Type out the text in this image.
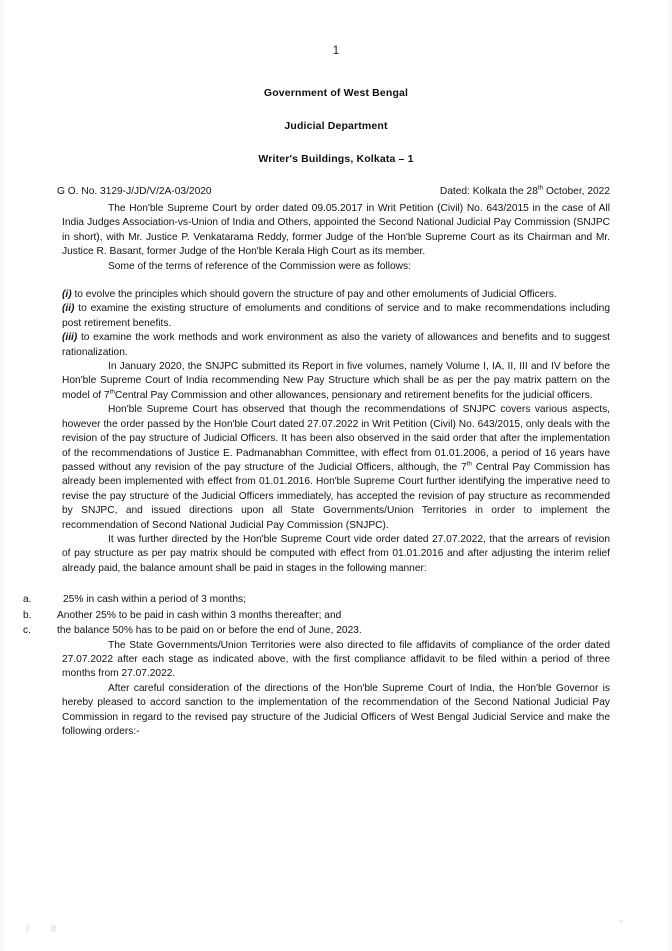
1
Government of West Bengal
Judicial Department
Writer's Buildings, Kolkata – 1
G O. No. 3129-J/JD/V/2A-03/2020	Dated: Kolkata the 28th October, 2022

The Hon'ble Supreme Court by order dated 09.05.2017 in Writ Petition (Civil) No. 643/2015 in the case of All India Judges Association-vs-Union of India and Others, appointed the Second National Judicial Pay Commission (SNJPC in short), with Mr. Justice P. Venkatarama Reddy, former Judge of the Hon'ble Supreme Court as its Chairman and Mr. Justice R. Basant, former Judge of the Hon'ble Kerala High Court as its member.

Some of the terms of reference of the Commission were as follows:

(i) to evolve the principles which should govern the structure of pay and other emoluments of Judicial Officers.

(ii) to examine the existing structure of emoluments and conditions of service and to make recommendations including post retirement benefits.

(iii) to examine the work methods and work environment as also the variety of allowances and benefits and to suggest rationalization.

In January 2020, the SNJPC submitted its Report in five volumes, namely Volume I, IA, II, III and IV before the Hon'ble Supreme Court of India recommending New Pay Structure which shall be as per the pay matrix pattern on the model of 7thCentral Pay Commission and other allowances, pensionary and retirement benefits for the judicial officers.

Hon'ble Supreme Court has observed that though the recommendations of SNJPC covers various aspects, however the order passed by the Hon'ble Court dated 27.07.2022 in Writ Petition (Civil) No. 643/2015, only deals with the revision of the pay structure of Judicial Officers. It has been also observed in the said order that after the implementation of the recommendations of Justice E. Padmanabhan Committee, with effect from 01.01.2006, a period of 16 years have passed without any revision of the pay structure of the Judicial Officers, although, the 7th Central Pay Commission has already been implemented with effect from 01.01.2016. Hon'ble Supreme Court further identifying the imperative need to revise the pay structure of the Judicial Officers immediately, has accepted the revision of pay structure as recommended by SNJPC, and issued directions upon all State Governments/Union Territories in order to implement the recommendation of Second National Judicial Pay Commission (SNJPC).

It was further directed by the Hon'ble Supreme Court vide order dated 27.07.2022, that the arrears of revision of pay structure as per pay matrix should be computed with effect from 01.01.2016 and after adjusting the interim relief already paid, the balance amount shall be paid in stages in the following manner:

a.	25% in cash within a period of 3 months;
b.	Another 25% to be paid in cash within 3 months thereafter; and
c.	the balance 50% has to be paid on or before the end of June, 2023.

The State Governments/Union Territories were also directed to file affidavits of compliance of the order dated 27.07.2022 after each stage as indicated above, with the first compliance affidavit to be filed within a period of three months from 27.07.2022.

After careful consideration of the directions of the Hon'ble Supreme Court of India, the Hon'ble Governor is hereby pleased to accord sanction to the implementation of the recommendation of the Second National Judicial Pay Commission in regard to the revised pay structure of the Judicial Officers of West Bengal Judicial Service and make the following orders:-
